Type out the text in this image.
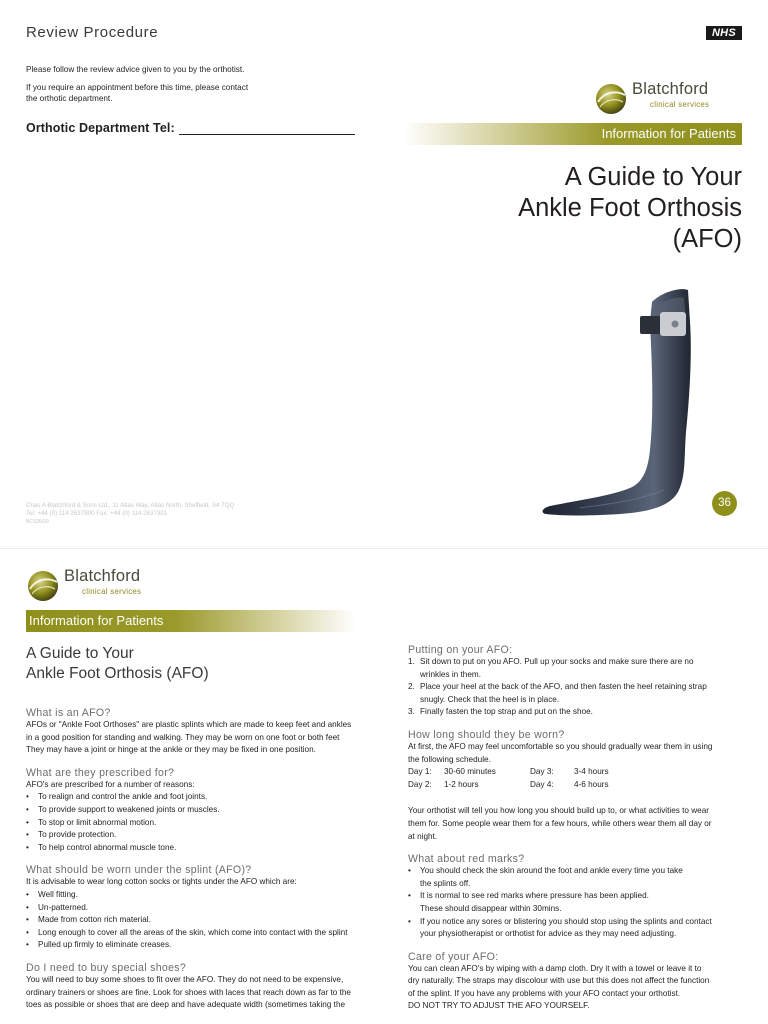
Review Procedure
Please follow the review advice given to you by the orthotist.
If you require an appointment before this time, please contact
the orthotic department.
Orthotic Department Tel:
Chas A Blatchford & Sons Ltd., 11 Atlas Way, Atlas North, Sheffield, S4 7QQ
Tel: +44 (0) 114 2637900 Fax: +44 (0) 114 2637901
BCS36/09
NHS
Blatchford
clinical services
Information for Patients
A Guide to Your
Ankle Foot Orthosis
(AFO)
36
Blatchford
clinical services
Information for Patients
A Guide to Your
Ankle Foot Orthosis (AFO)
What is an AFO?
AFOs or "Ankle Foot Orthoses" are plastic splints which are made to keep feet and ankles
in a good position for standing and walking. They may be worn on one foot or both feet
They may have a joint or hinge at the ankle or they may be fixed in one position.
What are they prescribed for?
AFO's are prescribed for a number of reasons:
• To realign and control the ankle and foot joints.
• To provide support to weakened joints or muscles.
• To stop or limit abnormal motion.
• To provide protection.
• To help control abnormal muscle tone.
What should be worn under the splint (AFO)?
It is advisable to wear long cotton socks or tights under the AFO which are:
• Well fitting.
• Un-patterned.
• Made from cotton rich material.
• Long enough to cover all the areas of the skin, which come into contact with the splint
• Pulled up firmly to eliminate creases.
Do I need to buy special shoes?
You will need to buy some shoes to fit over the AFO. They do not need to be expensive,
ordinary trainers or shoes are fine. Look for shoes with laces that reach down as far to the
toes as possible or shoes that are deep and have adequate width (sometimes taking the
Putting on your AFO:
1. Sit down to put on you AFO. Pull up your socks and make sure there are no
wrinkles in them.
2. Place your heel at the back of the AFO, and then fasten the heel retaining strap
snugly. Check that the heel is in place.
3. Finally fasten the top strap and put on the shoe.
How long should they be worn?
At first, the AFO may feel uncomfortable so you should gradually wear them in using
the following schedule.
Day 1:	30-60 minutes	Day 3:	3-4 hours
Day 2:	1-2 hours	Day 4:	4-6 hours
Your orthotist will tell you how long you should build up to, or what activities to wear
them for. Some people wear them for a few hours, while others wear them all day or
at night.
What about red marks?
• You should check the skin around the foot and ankle every time you take
the splints off.
• It is normal to see red marks where pressure has been applied.
These should disappear within 30mins.
• If you notice any sores or blistering you should stop using the splints and contact
your physiotherapist or orthotist for advice as they may need adjusting.
Care of your AFO:
You can clean AFO's by wiping with a damp cloth. Dry it with a towel or leave it to
dry naturally. The straps may discolour with use but this does not affect the function
of the splint. If you have any problems with your AFO contact your orthotist.
DO NOT TRY TO ADJUST THE AFO YOURSELF.
